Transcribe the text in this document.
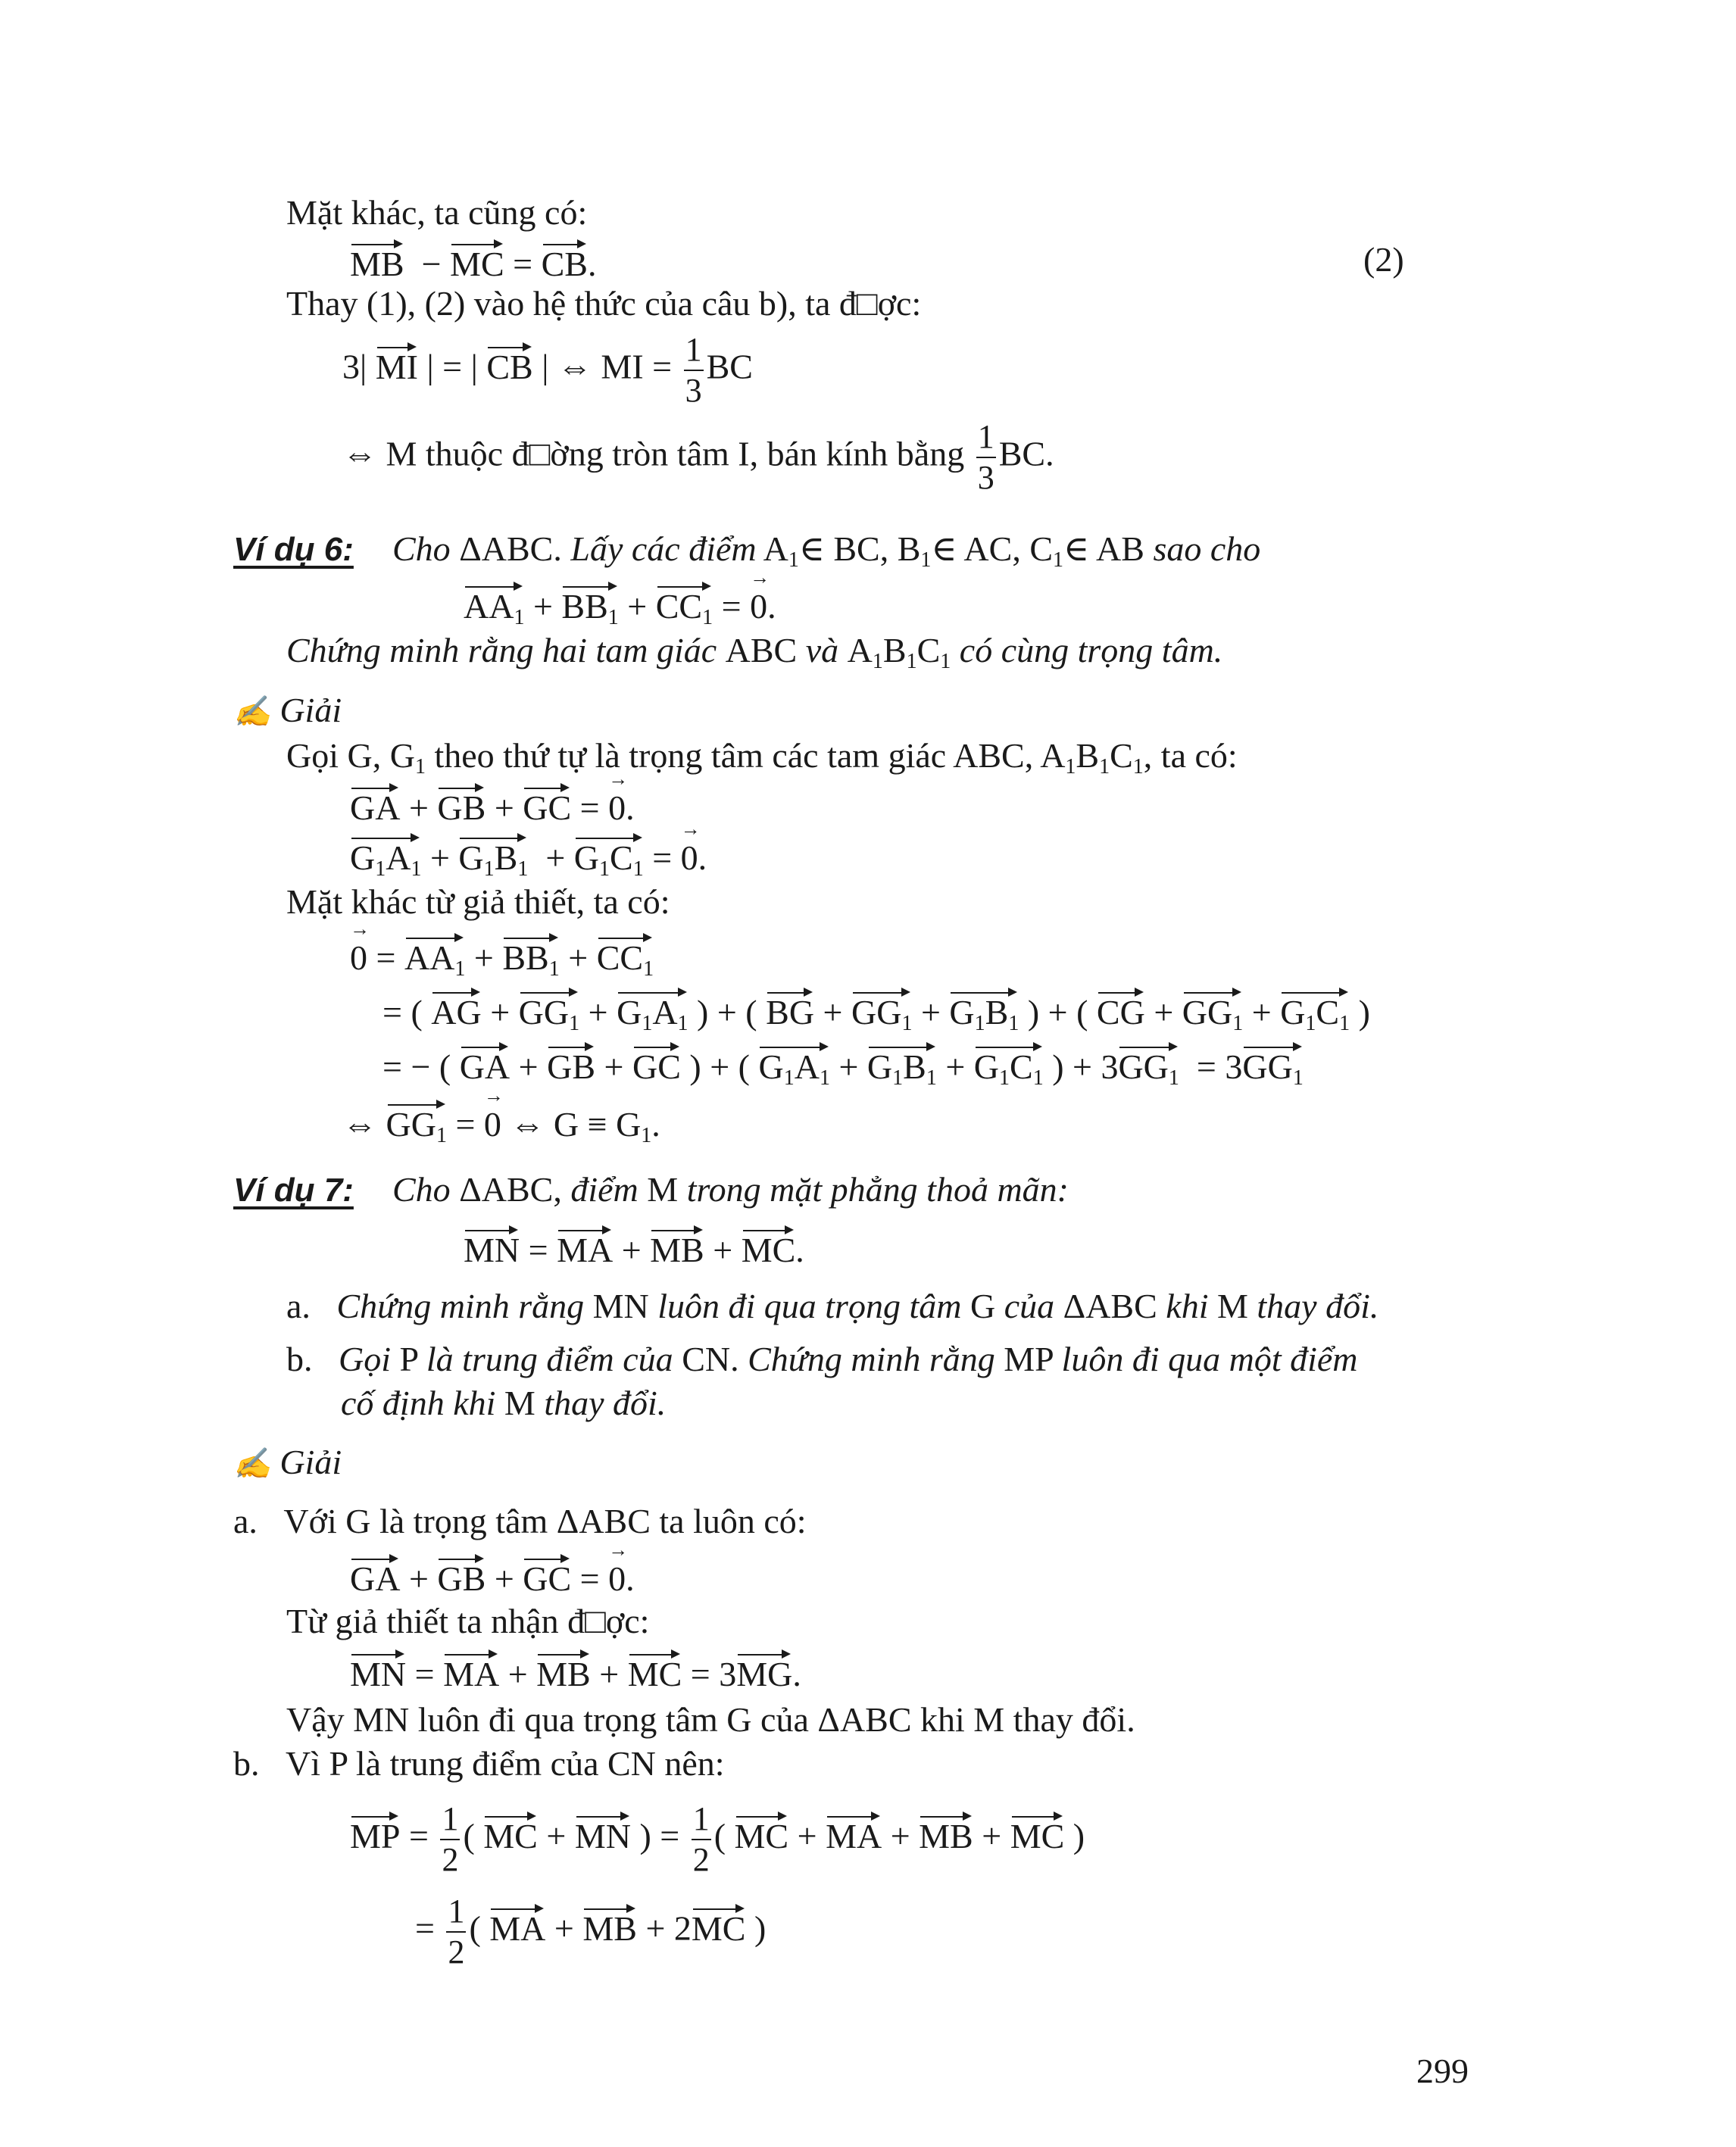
Mặt khác, ta cũng có:
MB  − MC = CB.	(2)
Thay (1), (2) vào hệ thức của câu b), ta đ□ợc:
3| MI | = | CB | ⇔ MI = $\frac{1}{3}$ BC
⇔ M thuộc đ□ờng tròn tâm I, bán kính bằng $\frac{1}{3}$ BC.
Ví dụ 6: Cho ΔABC. Lấy các điểm $A_1\in$ BC, $B_1\in$ AC, $C_1\in$ AB sao cho
$AA_1 + BB_1 + CC_1 = 0$ →.
Chứng minh rằng hai tam giác ABC và $A_1B_1C_1$ có cùng trọng tâm.
✍ Giải
Gọi G, $G_1$ theo thứ tự là trọng tâm các tam giác ABC, $A_1B_1C_1$, ta có:
GA + GB + GC = 0 →.
$G_1A_1 + G_1B_1 + G_1C_1 = 0$ →.
Mặt khác từ giả thiết, ta có:
0 → = $AA_1 + BB_1 + CC_1$
= ( AG + $GG_1 + G_1A_1$ ) + ( BG + $GG_1 + G_1B_1$ ) + ( CG + $GG_1 + G_1C_1$ )
= − ( GA + GB + GC ) + ( $G_1A_1 + G_1B_1 + G_1C_1$ ) + $3GG_1 = 3GG_1$
⇔ $GG_1 = 0$ → ⇔ $G \equiv G_1$.
Ví dụ 7: Cho ΔABC, điểm M trong mặt phẳng thoả mãn:
MN = MA + MB + MC.
a. Chứng minh rằng MN luôn đi qua trọng tâm G của ΔABC khi M thay đổi.
b. Gọi P là trung điểm của CN. Chứng minh rằng MP luôn đi qua một điểm
cố định khi M thay đổi.
✍ Giải
a. Với G là trọng tâm ΔABC ta luôn có:
GA + GB + GC = 0 →.
Từ giả thiết ta nhận đ□ợc:
MN = MA + MB + MC = 3MG.
Vậy MN luôn đi qua trọng tâm G của ΔABC khi M thay đổi.
b. Vì P là trung điểm của CN nên:
MP = $\frac{1}{2}$ ( MC + MN ) = $\frac{1}{2}$ ( MC + MA + MB + MC )
= $\frac{1}{2}$ ( MA + MB + 2MC )
299
